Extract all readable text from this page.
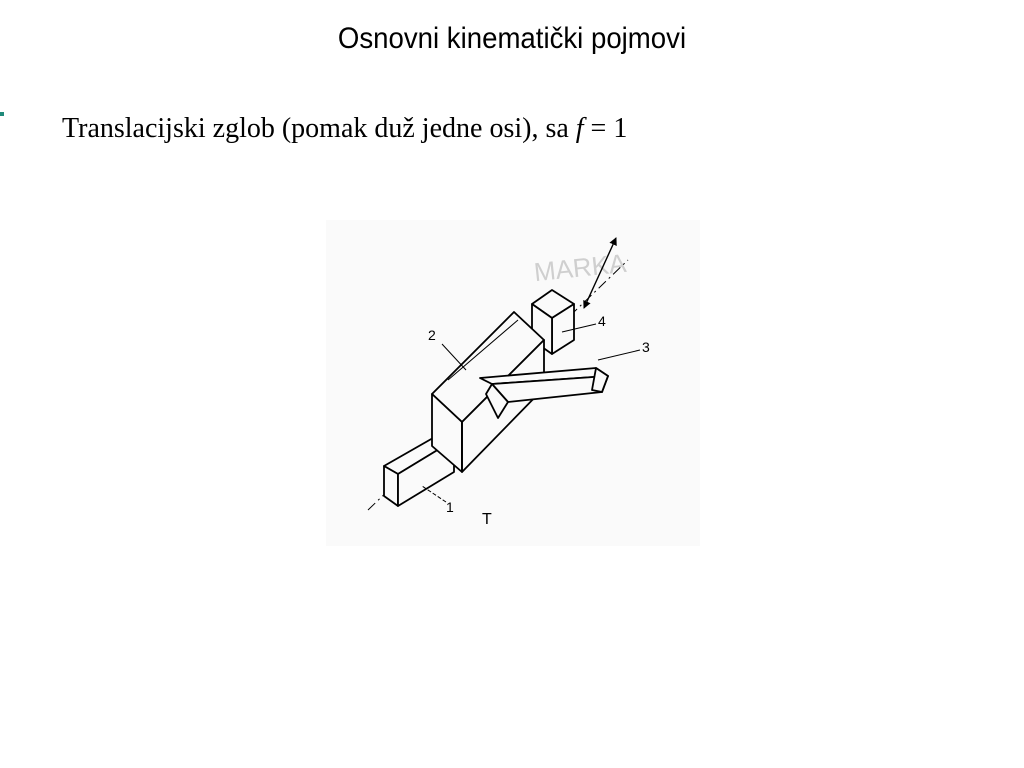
Osnovni kinematički pojmovi
Translacijski zglob (pomak duž jedne osi), sa f = 1
MARKA
2
4
3
1
T
